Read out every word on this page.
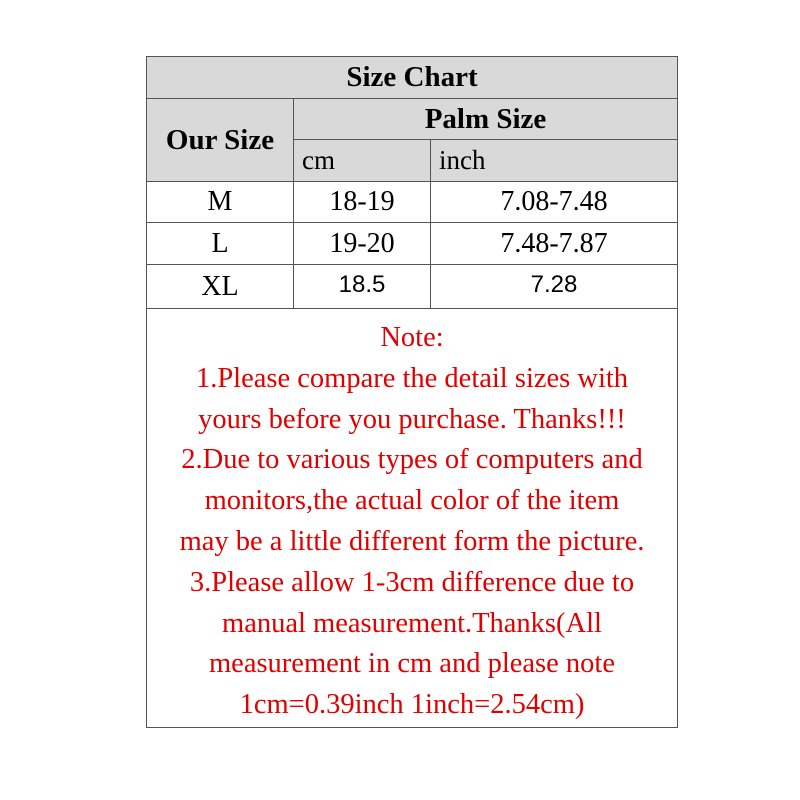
Size Chart
Our Size
Palm Size
cm	inch
M	18-19	7.08-7.48
L	19-20	7.48-7.87
XL	18.5	7.28
Note:
1.Please compare the detail sizes with
yours before you purchase. Thanks!!!
2.Due to various types of computers and
monitors,the actual color of the item
may be a little different form the picture.
3.Please allow 1-3cm difference due to
manual measurement.Thanks(All
measurement in cm and please note
1cm=0.39inch 1inch=2.54cm)
